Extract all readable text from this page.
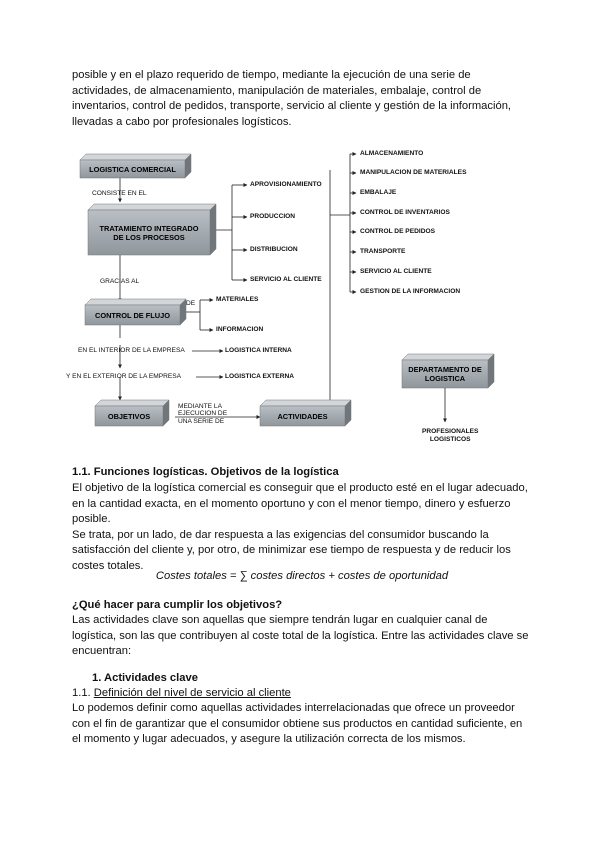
posible y en el plazo requerido de tiempo, mediante la ejecución de una serie de
actividades, de almacenamiento, manipulación de materiales, embalaje, control de
inventarios, control de pedidos, transporte, servicio al cliente y gestión de la información,
llevadas a cabo por profesionales logísticos.
LOGISTICA COMERCIAL
CONSISTE EN EL
TRATAMIENTO INTEGRADO
DE LOS PROCESOS
APROVISIONAMIENTO
PRODUCCION
DISTRIBUCION
SERVICIO AL CLIENTE
GRACIAS AL
CONTROL DE FLUJO
DE
MATERIALES
INFORMACION
EN EL INTERIOR DE LA EMPRESA	LOGISTICA INTERNA
Y EN EL EXTERIOR DE LA EMPRESA	LOGISTICA EXTERNA
OBJETIVOS
MEDIANTE LA
EJECUCION DE
UNA SERIE DE
ACTIVIDADES
ALMACENAMIENTO
MANIPULACION DE MATERIALES
EMBALAJE
CONTROL DE INVENTARIOS
CONTROL DE PEDIDOS
TRANSPORTE
SERVICIO AL CLIENTE
GESTION DE LA INFORMACION
DEPARTAMENTO DE
LOGISTICA
PROFESIONALES
LOGISTICOS
1.1. Funciones logísticas. Objetivos de la logística
El objetivo de la logística comercial es conseguir que el producto esté en el lugar adecuado,
en la cantidad exacta, en el momento oportuno y con el menor tiempo, dinero y esfuerzo
posible.
Se trata, por un lado, de dar respuesta a las exigencias del consumidor buscando la
satisfacción del cliente y, por otro, de minimizar ese tiempo de respuesta y de reducir los
costes totales.
Costes totales = ∑ costes directos + costes de oportunidad
¿Qué hacer para cumplir los objetivos?
Las actividades clave son aquellas que siempre tendrán lugar en cualquier canal de
logística, son las que contribuyen al coste total de la logística. Entre las actividades clave se
encuentran:
1. Actividades clave
1.1. Definición del nivel de servicio al cliente
Lo podemos definir como aquellas actividades interrelacionadas que ofrece un proveedor
con el fin de garantizar que el consumidor obtiene sus productos en cantidad suficiente, en
el momento y lugar adecuados, y asegure la utilización correcta de los mismos.
